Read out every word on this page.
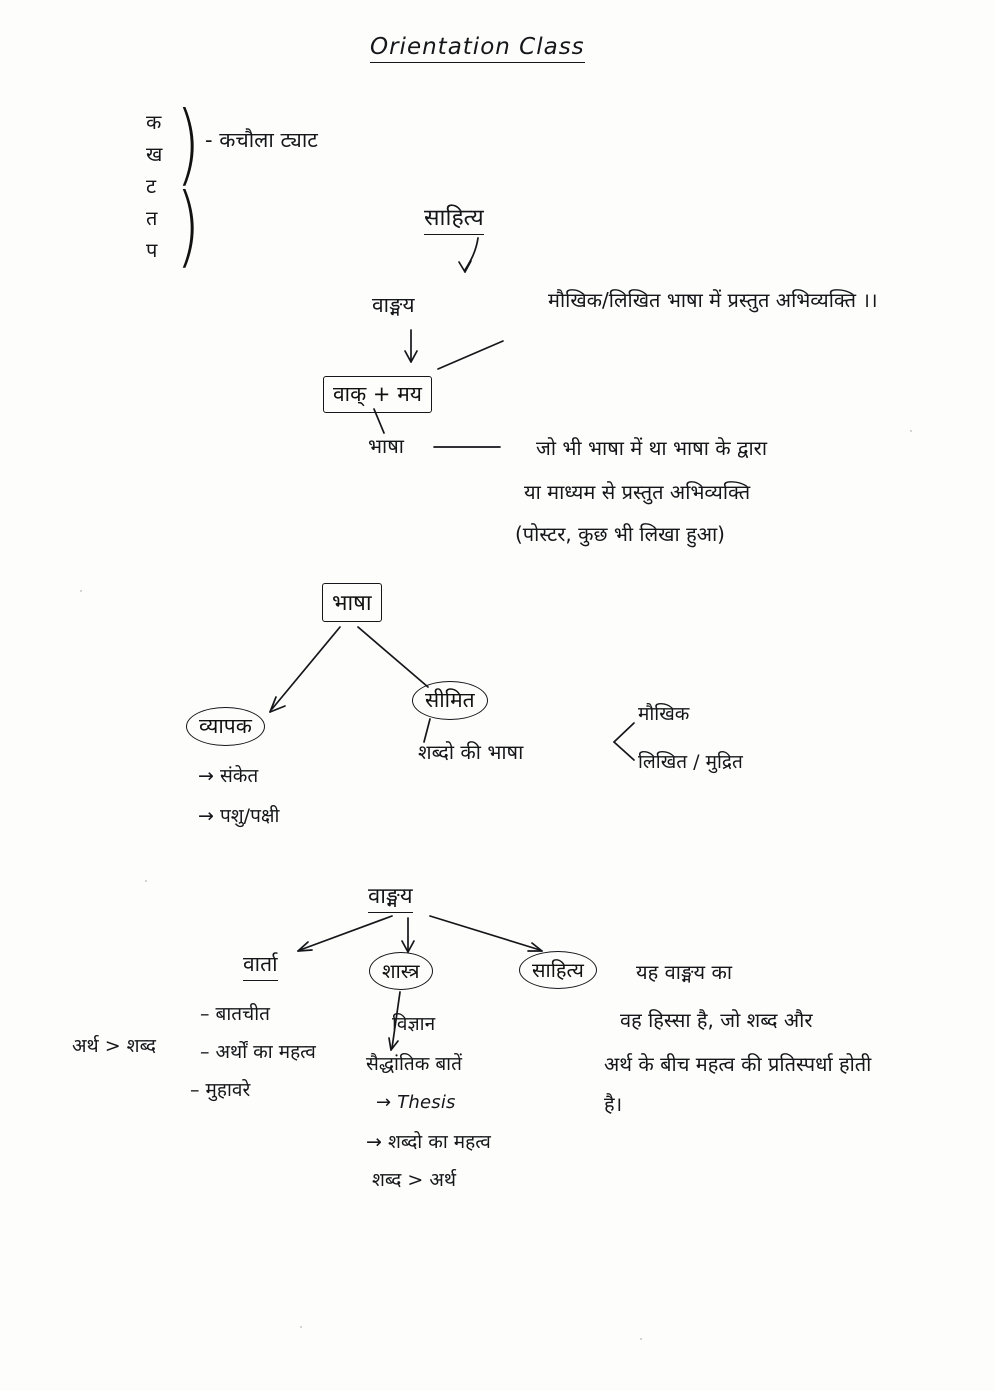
Orientation Class
क
ख
ट
त
प
)
)
- कचौला ट्याट
साहित्य
वाङ्मय	मौखिक/लिखित भाषा में प्रस्तुत अभिव्यक्ति ।।
वाक् + मय
भाषा	जो भी भाषा में था भाषा के द्वारा
या माध्यम से प्रस्तुत अभिव्यक्ति
(पोस्टर, कुछ भी लिखा हुआ)
भाषा
व्यापक
→ संकेत
→ पशु/पक्षी
सीमित
शब्दो की भाषा
मौखिक
लिखित / मुद्रित
वाङ्मय
वार्ता
– बातचीत
– अर्थों का महत्व
– मुहावरे
अर्थ > शब्द
शास्त्र
विज्ञान
सैद्धांतिक बातें
→ Thesis
→ शब्दो का महत्व
शब्द > अर्थ
साहित्य	यह वाङ्मय का
वह हिस्सा है, जो शब्द और
अर्थ के बीच महत्व की प्रतिस्पर्धा होती
है।
